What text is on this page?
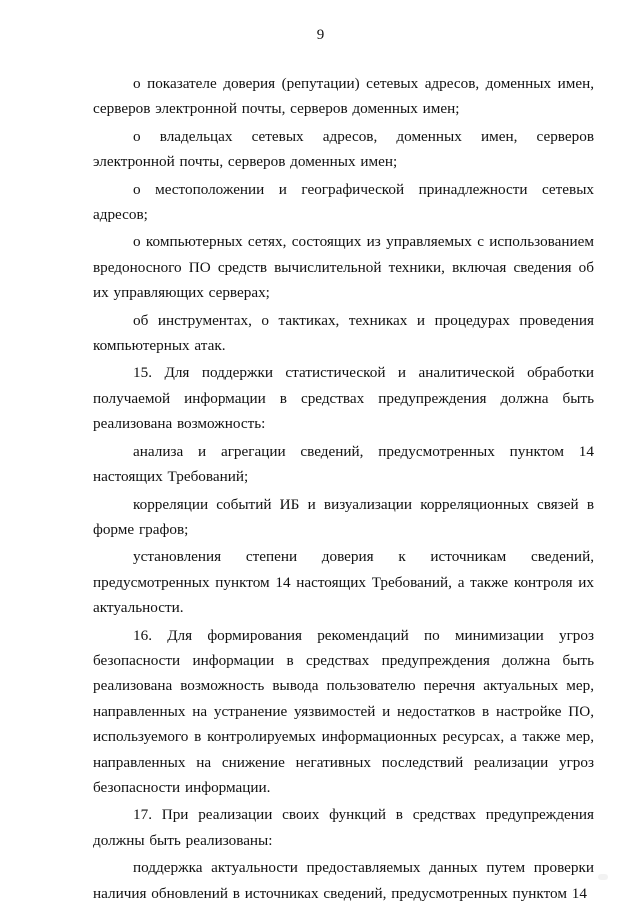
9

о показателе доверия (репутации) сетевых адресов, доменных имен, серверов электронной почты, серверов доменных имен;

о владельцах сетевых адресов, доменных имен, серверов электронной почты, серверов доменных имен;

о местоположении и географической принадлежности сетевых адресов;

о компьютерных сетях, состоящих из управляемых с использованием вредоносного ПО средств вычислительной техники, включая сведения об их управляющих серверах;

об инструментах, о тактиках, техниках и процедурах проведения компьютерных атак.

15. Для поддержки статистической и аналитической обработки получаемой информации в средствах предупреждения должна быть реализована возможность:

анализа и агрегации сведений, предусмотренных пунктом 14 настоящих Требований;

корреляции событий ИБ и визуализации корреляционных связей в форме графов;

установления степени доверия к источникам сведений, предусмотренных пунктом 14 настоящих Требований, а также контроля их актуальности.

16. Для формирования рекомендаций по минимизации угроз безопасности информации в средствах предупреждения должна быть реализована возможность вывода пользователю перечня актуальных мер, направленных на устранение уязвимостей и недостатков в настройке ПО, используемого в контролируемых информационных ресурсах, а также мер, направленных на снижение негативных последствий реализации угроз безопасности информации.

17. При реализации своих функций в средствах предупреждения должны быть реализованы:

поддержка актуальности предоставляемых данных путем проверки наличия обновлений в источниках сведений, предусмотренных пунктом 14
